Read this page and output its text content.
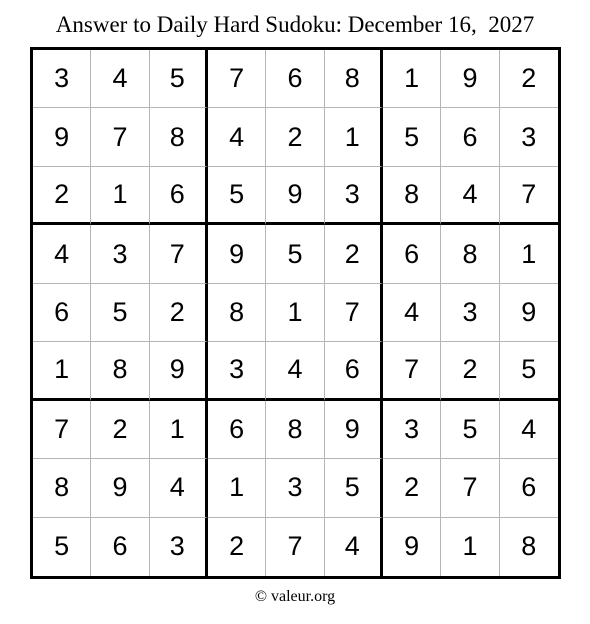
Answer to Daily Hard Sudoku: December 16,  2027
3	4	5	7	6	8	1	9	2
9	7	8	4	2	1	5	6	3
2	1	6	5	9	3	8	4	7
4	3	7	9	5	2	6	8	1
6	5	2	8	1	7	4	3	9
1	8	9	3	4	6	7	2	5
7	2	1	6	8	9	3	5	4
8	9	4	1	3	5	2	7	6
5	6	3	2	7	4	9	1	8
© valeur.org
